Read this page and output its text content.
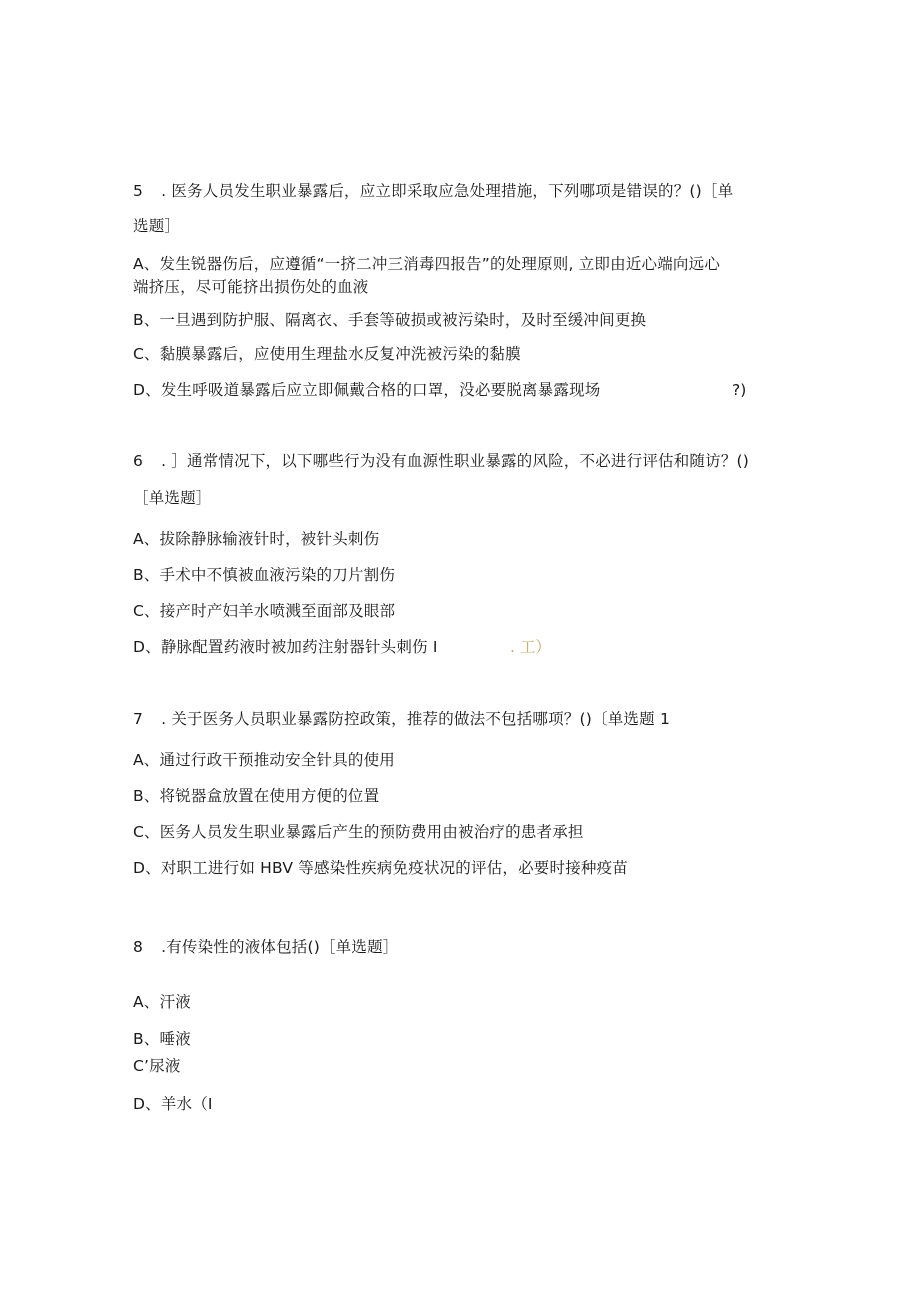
5 . 医务人员发生职业暴露后，应立即采取应急处理措施，下列哪项是错误的？()［单
选题］
A、发生锐器伤后，应遵循“一挤二冲三消毒四报告”的处理原则, 立即由近心端向远心
端挤压，尽可能挤出损伤处的血液
B、一旦遇到防护服、隔离衣、手套等破损或被污染时，及时至缓冲间更换
C、黏膜暴露后，应使用生理盐水反复冲洗被污染的黏膜
D、发生呼吸道暴露后应立即佩戴合格的口罩，没必要脱离暴露现场	?)
6 . ］通常情况下，以下哪些行为没有血源性职业暴露的风险，不必进行评估和随访？()
［单选题］
A、拔除静脉输液针时，被针头刺伤
B、手术中不慎被血液污染的刀片割伤
C、接产时产妇羊水喷溅至面部及眼部
D、静脉配置药液时被加药注射器针头刺伤 I	. 工）
7 . 关于医务人员职业暴露防控政策，推荐的做法不包括哪项？()〔单选题 1
A、通过行政干预推动安全针具的使用
B、将锐器盒放置在使用方便的位置
C、医务人员发生职业暴露后产生的预防费用由被治疗的患者承担
D、对职工进行如 HBV 等感染性疾病免疫状况的评估，必要时接种疫苗
8 .有传染性的液体包括()［单选题］
A、汗液
B、唾液
C’尿液
D、羊水（I
